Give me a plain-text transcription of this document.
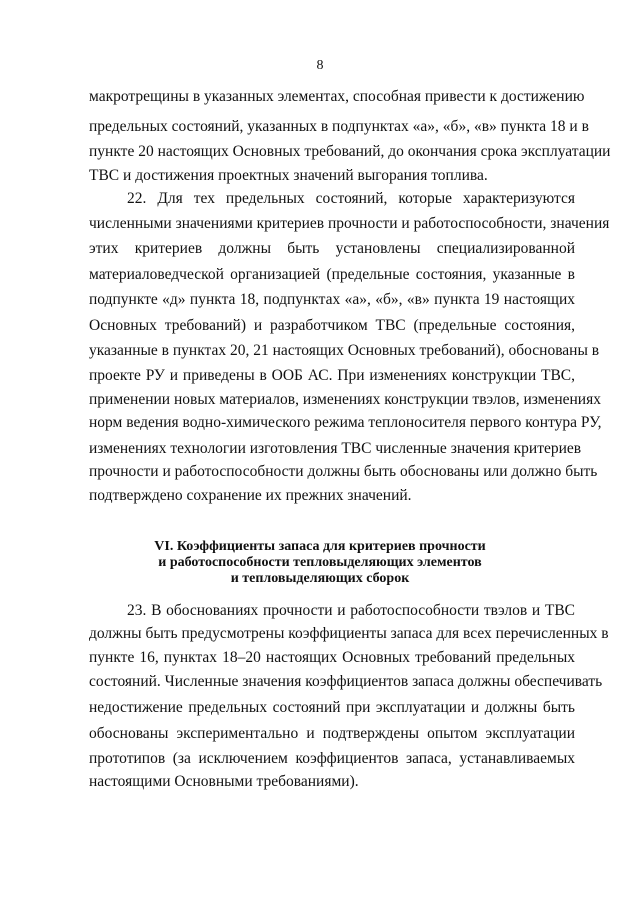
8
макротрещины в указанных элементах, способная привести к достижению
предельных состояний, указанных в подпунктах «а», «б», «в» пункта 18 и в
пункте 20 настоящих Основных требований, до окончания срока эксплуатации
ТВС и достижения проектных значений выгорания топлива.
22. Для тех предельных состояний, которые характеризуются
численными значениями критериев прочности и работоспособности, значения
этих критериев должны быть установлены специализированной
материаловедческой организацией (предельные состояния, указанные в
подпункте «д» пункта 18, подпунктах «а», «б», «в» пункта 19 настоящих
Основных требований) и разработчиком ТВС (предельные состояния,
указанные в пунктах 20, 21 настоящих Основных требований), обоснованы в
проекте РУ и приведены в ООБ АС. При изменениях конструкции ТВС,
применении новых материалов, изменениях конструкции твэлов, изменениях
норм ведения водно-химического режима теплоносителя первого контура РУ,
изменениях технологии изготовления ТВС численные значения критериев
прочности и работоспособности должны быть обоснованы или должно быть
подтверждено сохранение их прежних значений.
VI. Коэффициенты запаса для критериев прочности
и работоспособности тепловыделяющих элементов
и тепловыделяющих сборок
23. В обоснованиях прочности и работоспособности твэлов и ТВС
должны быть предусмотрены коэффициенты запаса для всех перечисленных в
пункте 16, пунктах 18–20 настоящих Основных требований предельных
состояний. Численные значения коэффициентов запаса должны обеспечивать
недостижение предельных состояний при эксплуатации и должны быть
обоснованы экспериментально и подтверждены опытом эксплуатации
прототипов (за исключением коэффициентов запаса, устанавливаемых
настоящими Основными требованиями).
